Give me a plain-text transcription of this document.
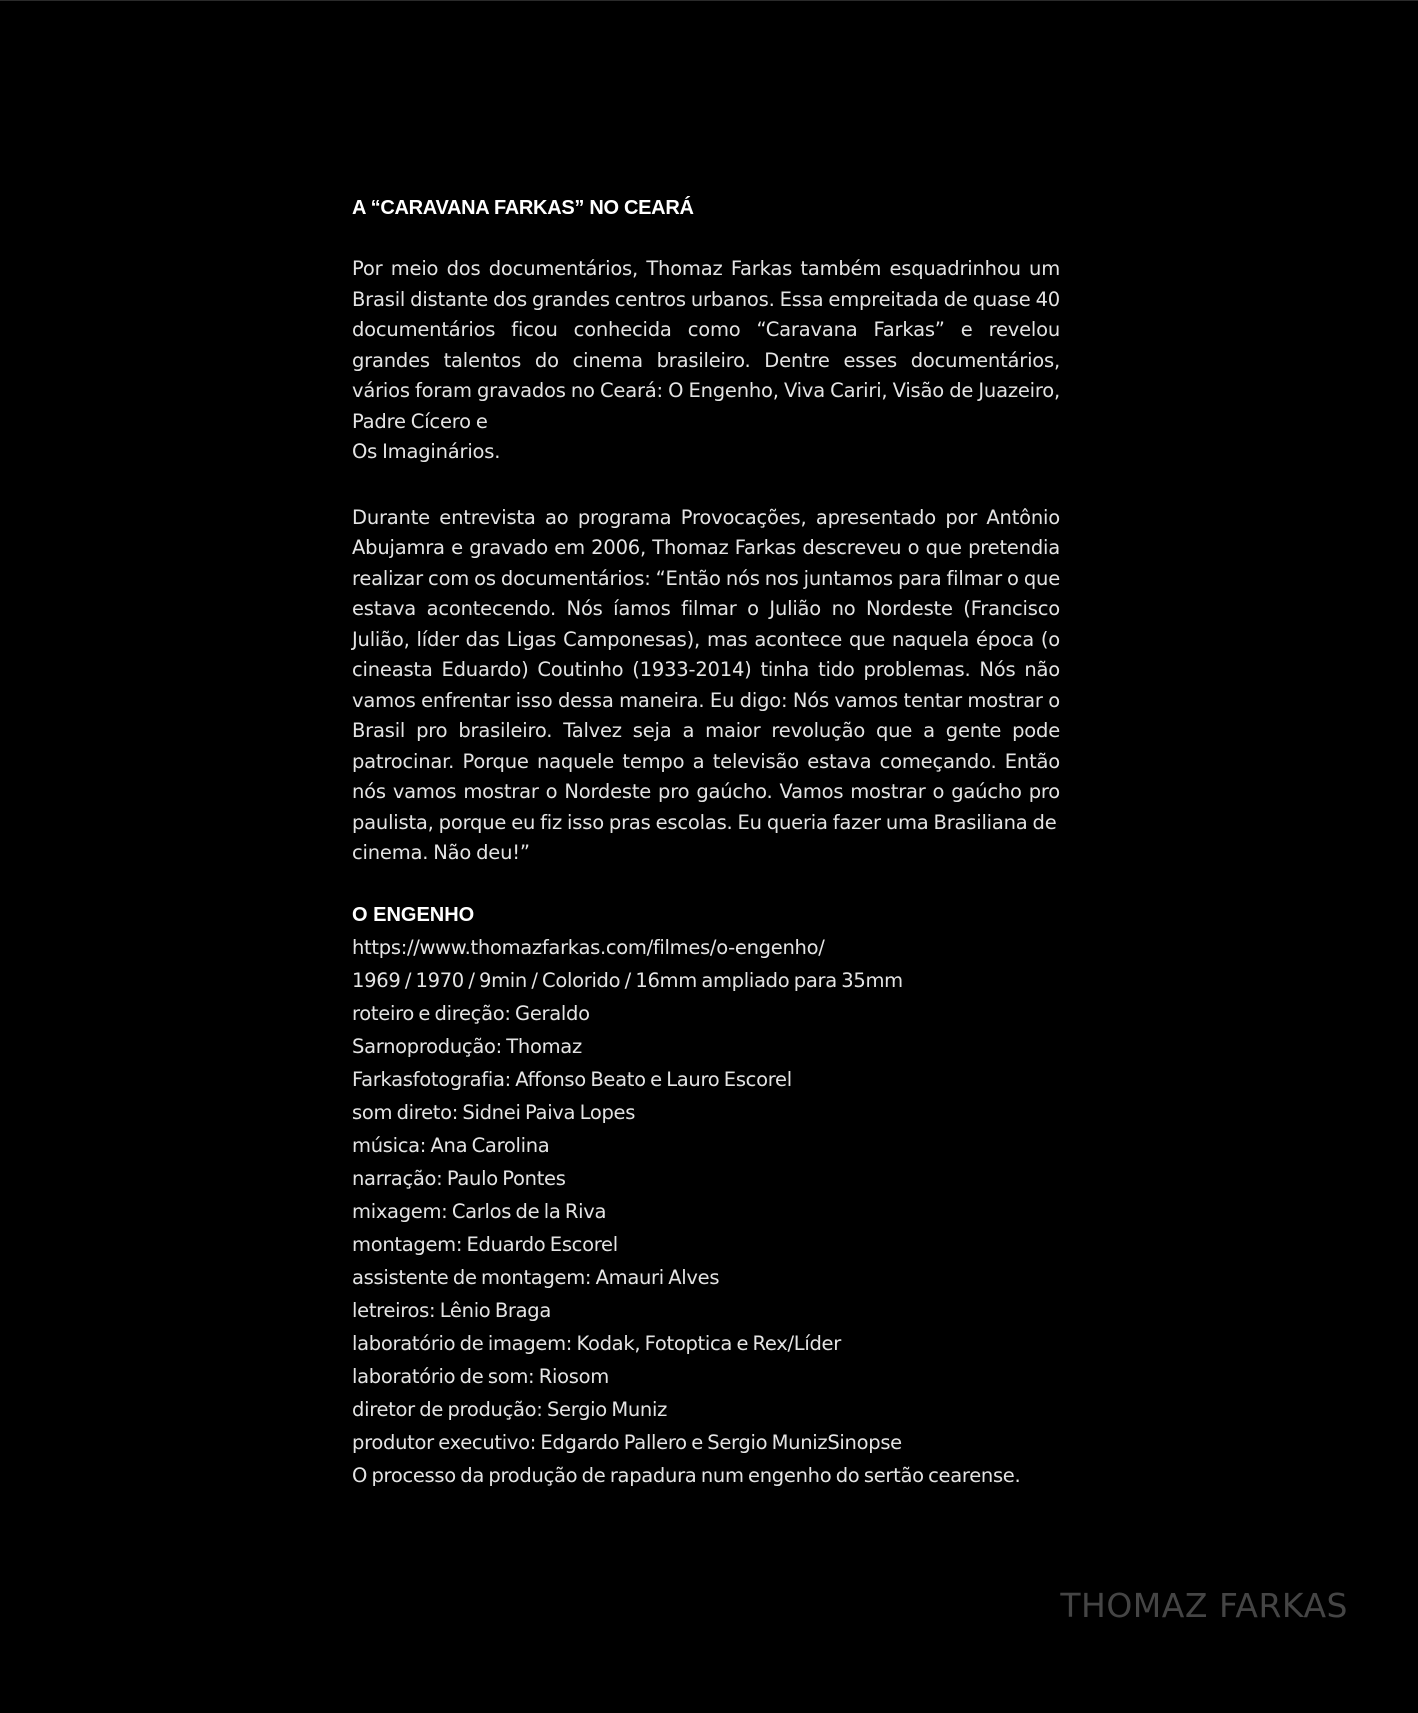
A “CARAVANA FARKAS” NO CEARÁ

Por meio dos documentários, Thomaz Farkas também esquadrinhou um Brasil distante dos grandes centros urbanos. Essa empreitada de quase 40 documentários ficou conhecida como “Caravana Farkas” e revelou grandes talentos do cinema brasileiro. Dentre esses documentários, vários foram gravados no Ceará: O Engenho, Viva Cariri, Visão de Juazeiro, Padre Cícero e

Os Imaginários.

Durante entrevista ao programa Provocações, apresentado por Antônio Abujamra e gravado em 2006, Thomaz Farkas descreveu o que pretendia realizar com os documentários: “Então nós nos juntamos para filmar o que estava acontecendo. Nós íamos filmar o Julião no Nordeste (Francisco Julião, líder das Ligas Camponesas), mas acontece que naquela época (o cineasta Eduardo) Coutinho (1933-2014) tinha tido problemas. Nós não vamos enfrentar isso dessa maneira. Eu digo: Nós vamos tentar mostrar o Brasil pro brasileiro. Talvez seja a maior revolução que a gente pode patrocinar. Porque naquele tempo a televisão estava começando. Então nós vamos mostrar o Nordeste pro gaúcho. Vamos mostrar o gaúcho pro paulista, porque eu fiz isso pras escolas. Eu queria fazer uma Brasiliana de

cinema. Não deu!”

O ENGENHO
https://www.thomazfarkas.com/filmes/o-engenho/
1969 / 1970 / 9min / Colorido / 16mm ampliado para 35mm
roteiro e direção: Geraldo
Sarnoprodução: Thomaz
Farkasfotografia: Affonso Beato e Lauro Escorel
som direto: Sidnei Paiva Lopes
música: Ana Carolina
narração: Paulo Pontes
mixagem: Carlos de la Riva
montagem: Eduardo Escorel
assistente de montagem: Amauri Alves
letreiros: Lênio Braga
laboratório de imagem: Kodak, Fotoptica e Rex/Líder
laboratório de som: Riosom
diretor de produção: Sergio Muniz
produtor executivo: Edgardo Pallero e Sergio MunizSinopse
O processo da produção de rapadura num engenho do sertão cearense.
THOMAZ FARKAS
